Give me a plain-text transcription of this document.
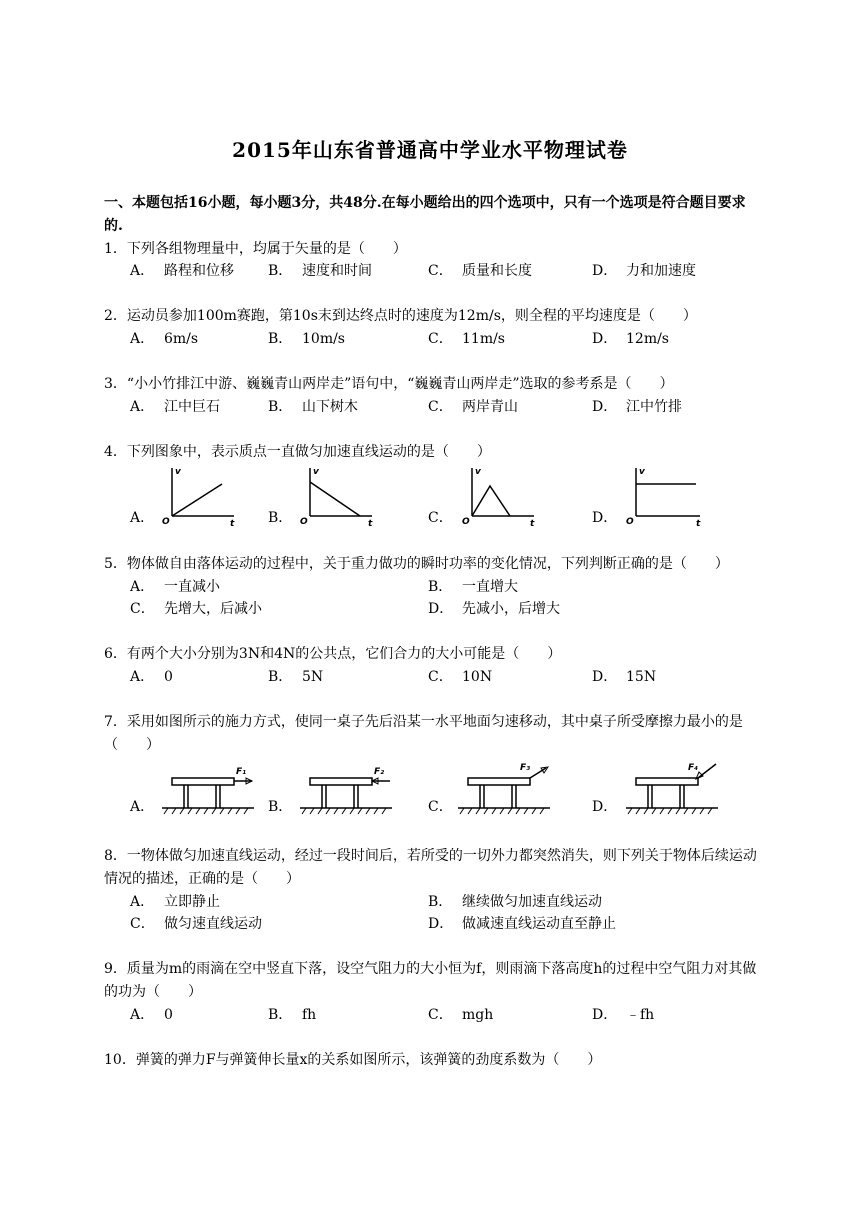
2015年山东省普通高中学业水平物理试卷
一、本题包括16小题，每小题3分，共48分.在每小题给出的四个选项中，只有一个选项是符合题目要求的.
1．下列各组物理量中，均属于矢量的是（　　）
A． 路程和位移 B． 速度和时间	C． 质量和长度	D． 力和加速度
2．运动员参加100m赛跑，第10s末到达终点时的速度为12m/s，则全程的平均速度是（　　）
A． 6m/s	B． 10m/s	C． 11m/s	D． 12m/s
3．“小小竹排江中游、巍巍青山两岸走”语句中，“巍巍青山两岸走”选取的参考系是（　　）
A． 江中巨石	B． 山下树木	C． 两岸青山	D． 江中竹排
4．下列图象中，表示质点一直做匀加速直线运动的是（　　）
A．	B．	C．	D．
v
O	t
v
O	t
v
O	t
v
O	t
5．物体做自由落体运动的过程中，关于重力做功的瞬时功率的变化情况，下列判断正确的是（　　）
A． 一直减小	B． 一直增大
C． 先增大，后减小	D． 先减小，后增大
6．有两个大小分别为3N和4N的公共点，它们合力的大小可能是（　　）
A． 0	B． 5N	C． 10N	D． 15N
7．采用如图所示的施力方式，使同一桌子先后沿某一水平地面匀速移动，其中桌子所受摩擦力最小的是（　　）
A．	B．	C．	D．
F₁	F₂	F₃	F₄
8．一物体做匀加速直线运动，经过一段时间后，若所受的一切外力都突然消失，则下列关于物体后续运动情况的描述，正确的是（　　）
A． 立即静止	B． 继续做匀加速直线运动
C． 做匀速直线运动	D． 做减速直线运动直至静止
9．质量为m的雨滴在空中竖直下落，设空气阻力的大小恒为f，则雨滴下落高度h的过程中空气阻力对其做的功为（　　）
A． 0	B． fh	C． mgh	D． ﹣fh
10．弹簧的弹力F与弹簧伸长量x的关系如图所示，该弹簧的劲度系数为（　　）
